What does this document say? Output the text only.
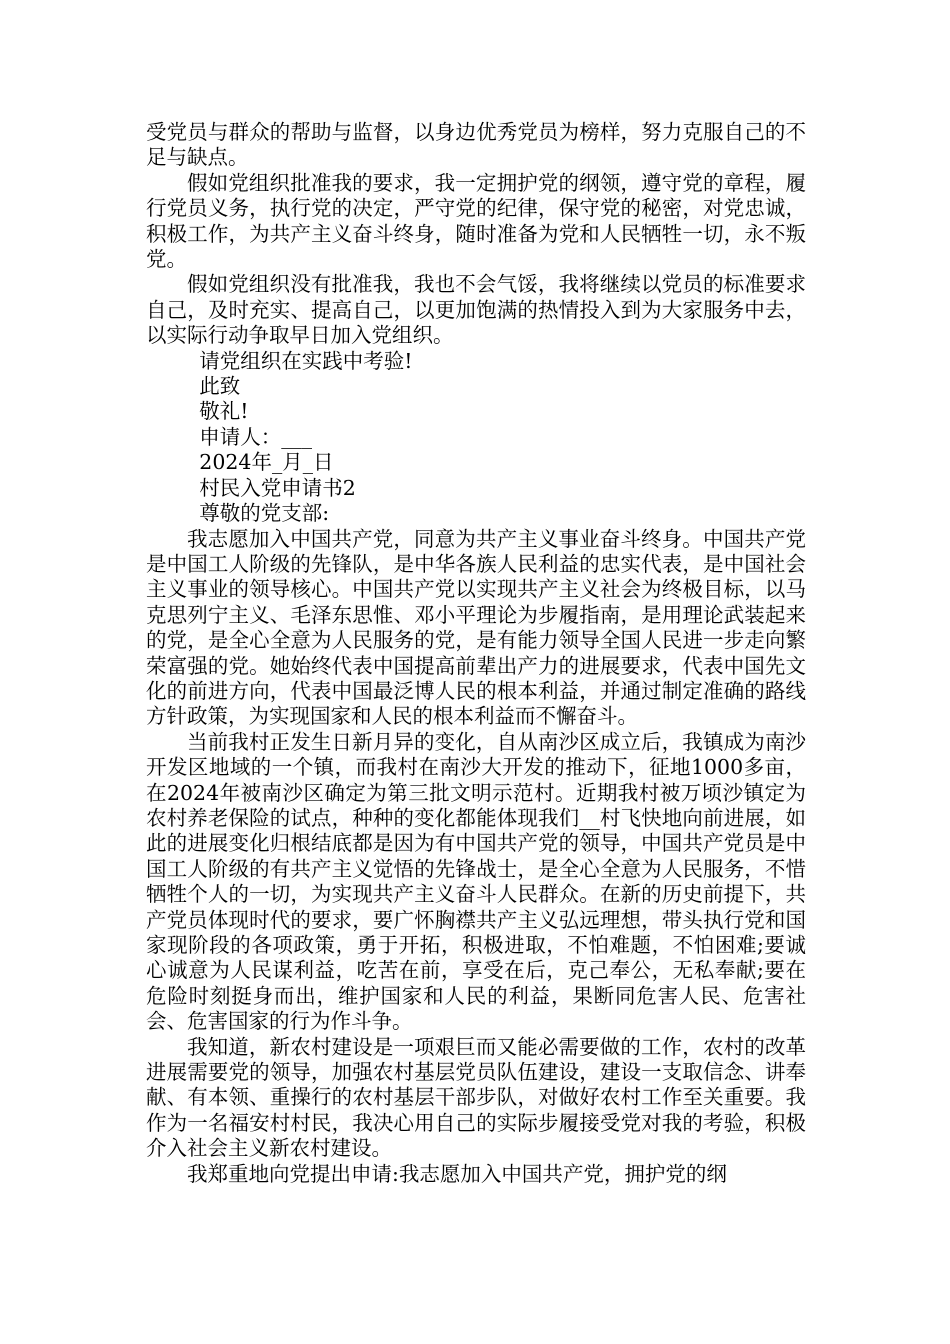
受党员与群众的帮助与监督，以身边优秀党员为榜样，努力克服自己的不足与缺点。

假如党组织批准我的要求，我一定拥护党的纲领，遵守党的章程，履行党员义务，执行党的决定，严守党的纪律，保守党的秘密，对党忠诚，积极工作，为共产主义奋斗终身，随时准备为党和人民牺牲一切，永不叛党。

假如党组织没有批准我，我也不会气馁，我将继续以党员的标准要求自己，及时充实、提高自己，以更加饱满的热情投入到为大家服务中去，以实际行动争取早日加入党组织。

请党组织在实践中考验!

此致

敬礼!

申请人：___

2024年_月_日

村民入党申请书2

尊敬的党支部:

我志愿加入中国共产党，同意为共产主义事业奋斗终身。中国共产党是中国工人阶级的先锋队，是中华各族人民利益的忠实代表，是中国社会主义事业的领导核心。中国共产党以实现共产主义社会为终极目标，以马克思列宁主义、毛泽东思惟、邓小平理论为步履指南，是用理论武装起来的党，是全心全意为人民服务的党，是有能力领导全国人民进一步走向繁荣富强的党。她始终代表中国提高前辈出产力的进展要求，代表中国先文化的前进方向，代表中国最泛博人民的根本利益，并通过制定准确的路线方针政策，为实现国家和人民的根本利益而不懈奋斗。

当前我村正发生日新月异的变化，自从南沙区成立后，我镇成为南沙开发区地域的一个镇，而我村在南沙大开发的推动下，征地1000多亩，在2024年被南沙区确定为第三批文明示范村。近期我村被万顷沙镇定为农村养老保险的试点，种种的变化都能体现我们__村飞快地向前进展，如此的进展变化归根结底都是因为有中国共产党的领导，中国共产党员是中国工人阶级的有共产主义觉悟的先锋战士，是全心全意为人民服务，不惜牺牲个人的一切，为实现共产主义奋斗人民群众。在新的历史前提下，共产党员体现时代的要求，要广怀胸襟共产主义弘远理想，带头执行党和国家现阶段的各项政策，勇于开拓，积极进取，不怕难题，不怕困难;要诚心诚意为人民谋利益，吃苦在前，享受在后，克己奉公，无私奉献;要在危险时刻挺身而出，维护国家和人民的利益，果断同危害人民、危害社会、危害国家的行为作斗争。

我知道，新农村建设是一项艰巨而又能必需要做的工作，农村的改革进展需要党的领导，加强农村基层党员队伍建设，建设一支取信念、讲奉献、有本领、重操行的农村基层干部步队，对做好农村工作至关重要。我作为一名福安村村民，我决心用自己的实际步履接受党对我的考验，积极介入社会主义新农村建设。

我郑重地向党提出申请:我志愿加入中国共产党，拥护党的纲
